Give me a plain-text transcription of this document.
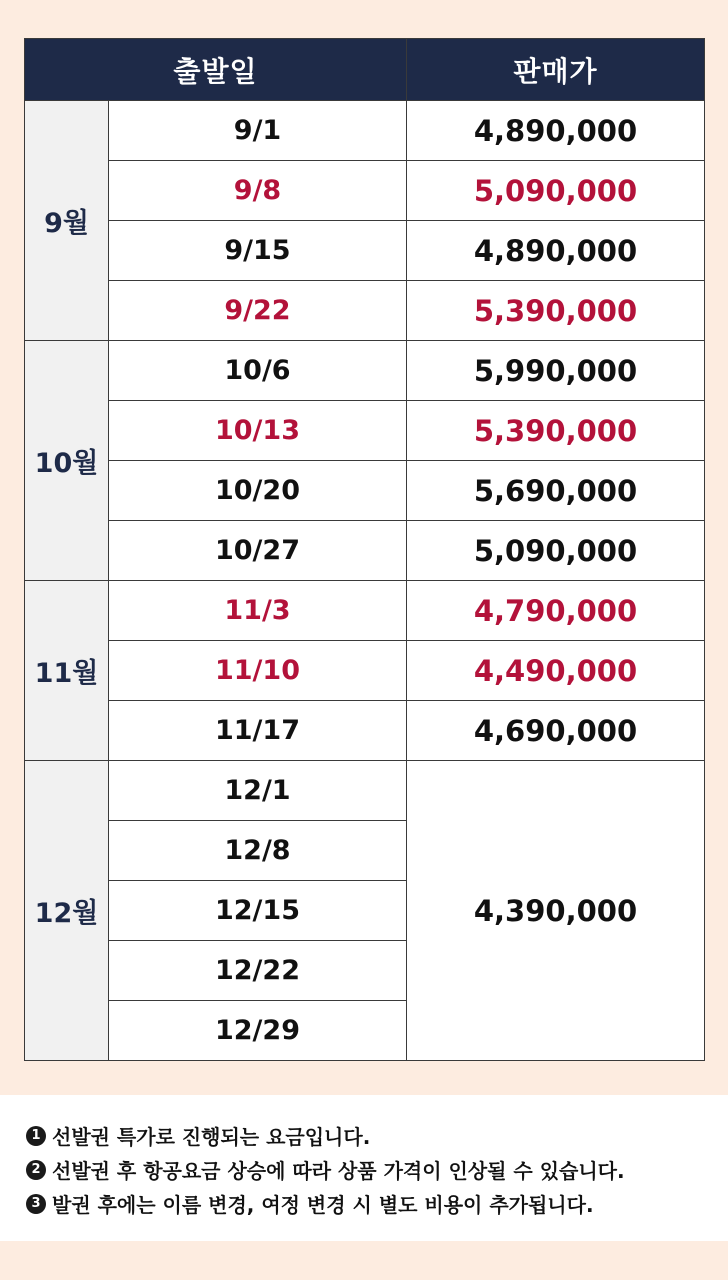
출발일		판매가
9월	9/1	4,890,000
	9/8	5,090,000
	9/15	4,890,000
	9/22	5,390,000
10월	10/6	5,990,000
	10/13	5,390,000
	10/20	5,690,000
	10/27	5,090,000
11월	11/3	4,790,000
	11/10	4,490,000
	11/17	4,690,000
12월	12/1	4,390,000
	12/8	
	12/15	
	12/22	
	12/29	
1 선발권 특가로 진행되는 요금입니다.
2 선발권 후 항공요금 상승에 따라 상품 가격이 인상될 수 있습니다.
3 발권 후에는 이름 변경, 여정 변경 시 별도 비용이 추가됩니다.
